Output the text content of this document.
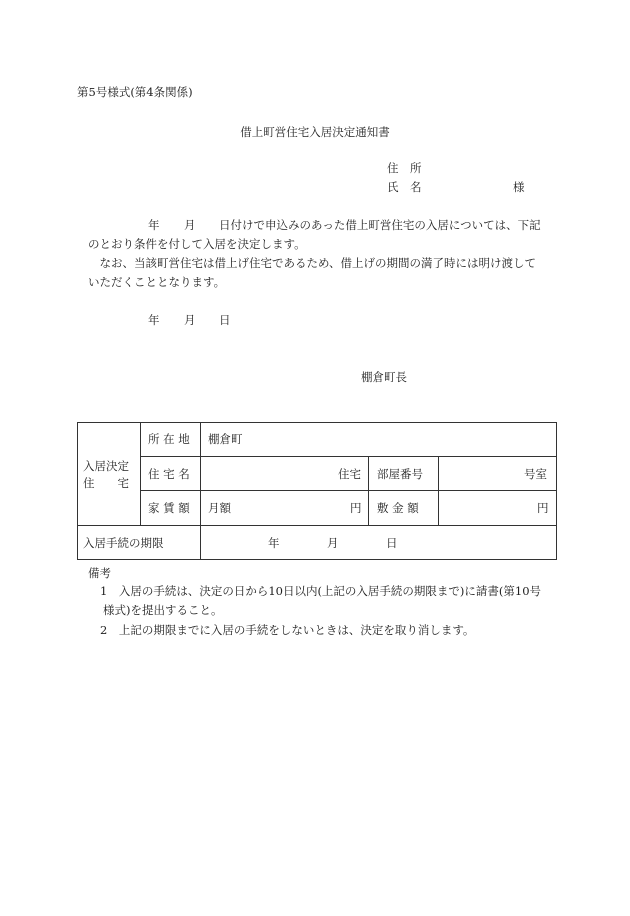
第5号様式(第4条関係)
借上町営住宅入居決定通知書
住　所
氏　名	様
年 月 日付けで申込みのあった借上町営住宅の入居については、下記
のとおり条件を付して入居を決定します。
　なお、当該町営住宅は借上げ住宅であるため、借上げの期間の満了時には明け渡して
いただくこととなります。
年 月 日
棚倉町長
入居決定
住　　宅
所 在 地 棚倉町
住 宅 名	住宅 部屋番号	号室
家 賃 額 月額	円 敷 金 額	円
入居手続の期限	年	月	日
備考
1　入居の手続は、決定の日から10日以内(上記の入居手続の期限まで)に請書(第10号
様式)を提出すること。
2　上記の期限までに入居の手続をしないときは、決定を取り消します。
